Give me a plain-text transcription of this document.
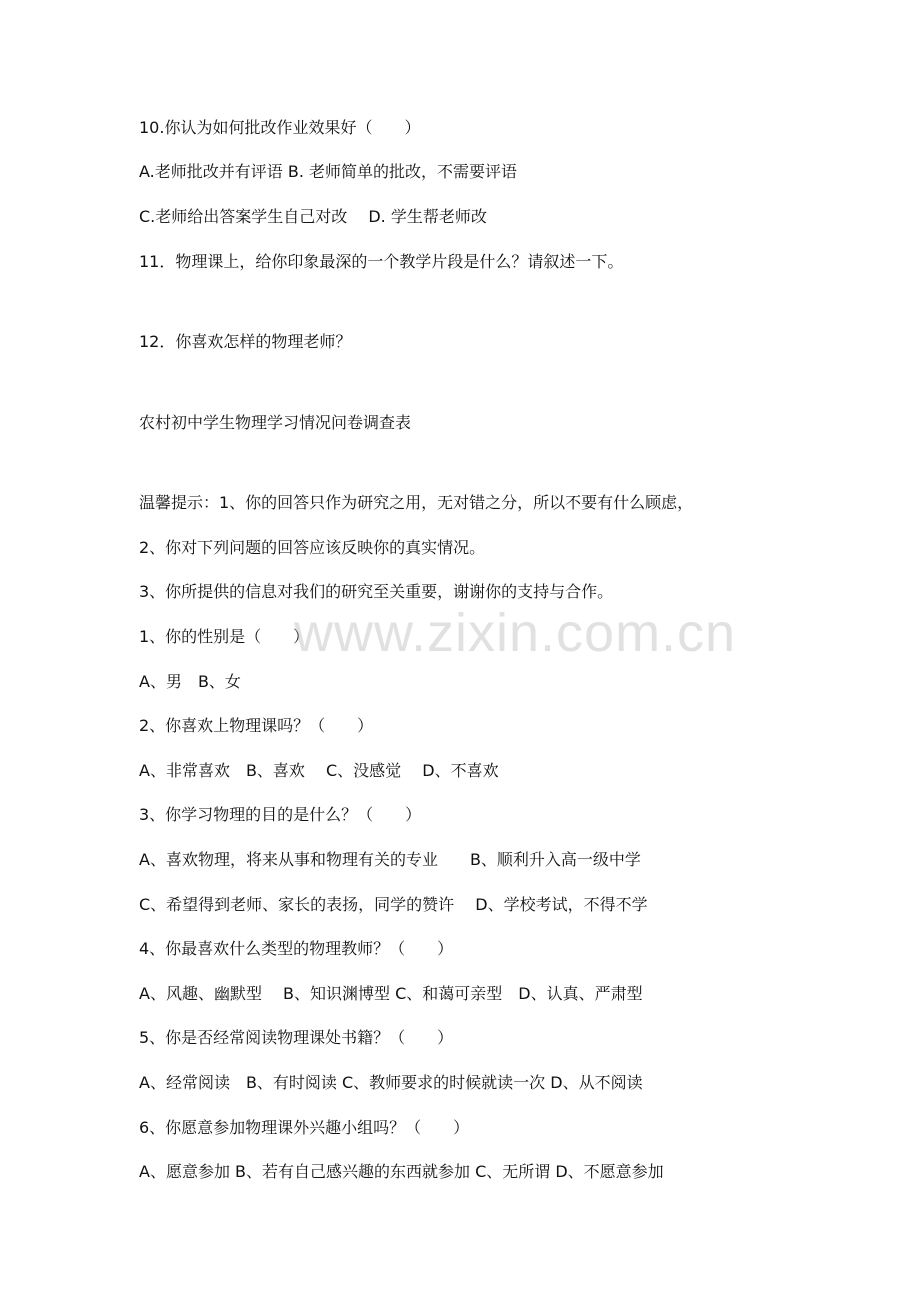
10.你认为如何批改作业效果好（　　）
A.老师批改并有评语 B. 老师简单的批改，不需要评语
C.老师给出答案学生自己对改　 D. 学生帮老师改
11．物理课上，给你印象最深的一个教学片段是什么？请叙述一下。
12．你喜欢怎样的物理老师？
农村初中学生物理学习情况问卷调查表
温馨提示：1、你的回答只作为研究之用，无对错之分，所以不要有什么顾虑，
2、你对下列问题的回答应该反映你的真实情况。
3、你所提供的信息对我们的研究至关重要，谢谢你的支持与合作。
1、你的性别是（　　）
A、男　B、女
2、你喜欢上物理课吗？（　　）
A、非常喜欢　B、喜欢　 C、没感觉　 D、不喜欢
3、你学习物理的目的是什么？（　　）
A、喜欢物理，将来从事和物理有关的专业　　B、顺利升入高一级中学
C、希望得到老师、家长的表扬，同学的赞许　 D、学校考试，不得不学
4、你最喜欢什么类型的物理教师？（　　）
A、风趣、幽默型　 B、知识渊博型 C、和蔼可亲型　D、认真、严肃型
5、你是否经常阅读物理课处书籍？（　　）
A、经常阅读　B、有时阅读 C、教师要求的时候就读一次 D、从不阅读
6、你愿意参加物理课外兴趣小组吗？（　　）
A、愿意参加 B、若有自己感兴趣的东西就参加 C、无所谓 D、不愿意参加
www.zixin.com.cn
